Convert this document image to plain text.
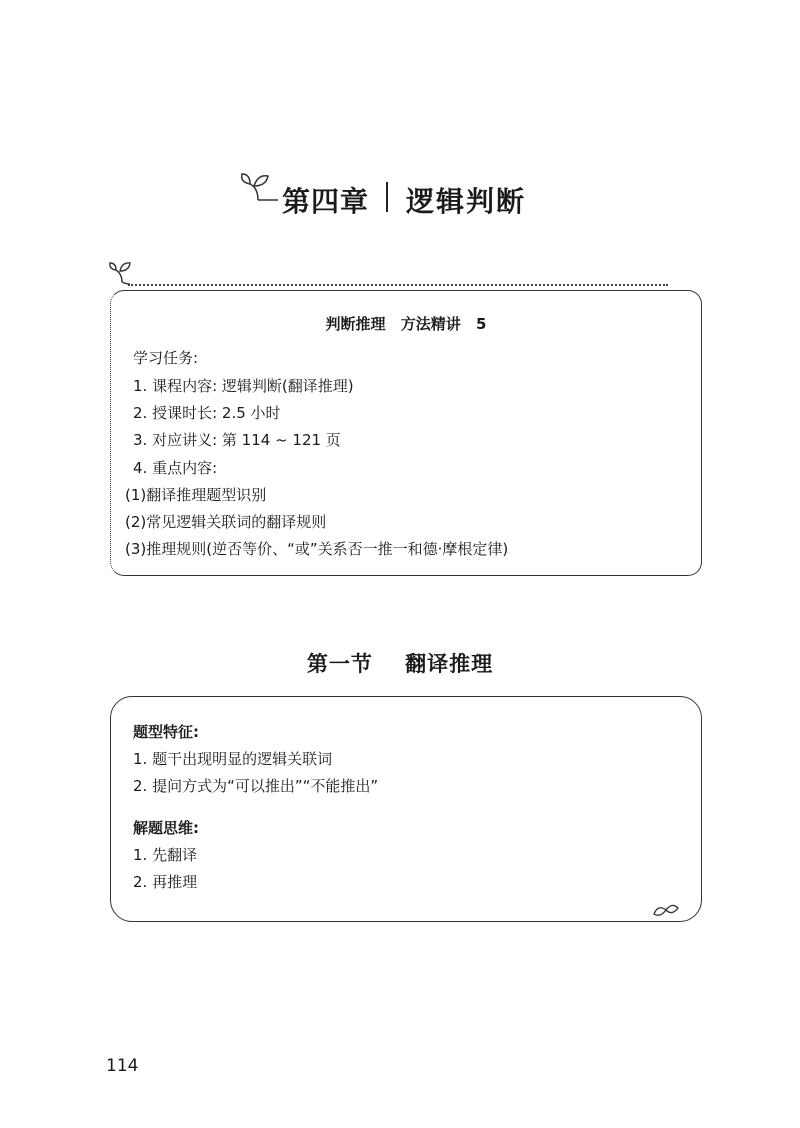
第四章 逻辑判断
判断推理 方法精讲 5
学习任务:
1. 课程内容: 逻辑判断(翻译推理)
2. 授课时长: 2.5 小时
3. 对应讲义: 第 114 ~ 121 页
4. 重点内容:
(1)翻译推理题型识别
(2)常见逻辑关联词的翻译规则
(3)推理规则(逆否等价、“或”关系否一推一和德·摩根定律)
第一节 翻译推理
题型特征:
1. 题干出现明显的逻辑关联词
2. 提问方式为“可以推出”“不能推出”
解题思维:
1. 先翻译
2. 再推理
114
